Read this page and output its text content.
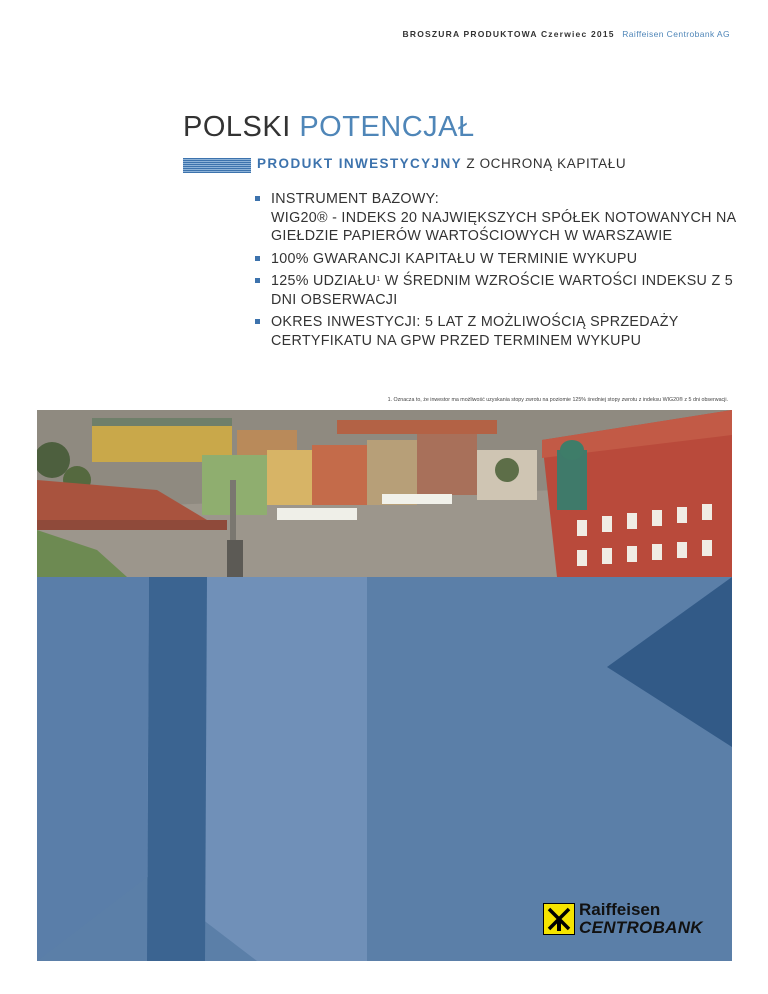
BROSZURA PRODUKTOWA Czerwiec 2015 Raiffeisen Centrobank AG
POLSKI POTENCJAŁ
PRODUKT INWESTYCYJNY Z OCHRONĄ KAPITAŁU
INSTRUMENT BAZOWY:
WIG20® - INDEKS 20 NAJWIĘKSZYCH SPÓŁEK NOTOWANYCH NA GIEŁDZIE PAPIERÓW WARTOŚCIOWYCH W WARSZAWIE
100% GWARANCJI KAPITAŁU W TERMINIE WYKUPU
125% UDZIAŁU$^1$ W ŚREDNIM WZROŚCIE WARTOŚCI INDEKSU Z 5 DNI OBSERWACJI
OKRES INWESTYCJI: 5 LAT Z MOŻLIWOŚCIĄ SPRZEDAŻY CERTYFIKATU NA GPW PRZED TERMINEM WYKUPU
1. Oznacza to, że inwestor ma możliwość uzyskania stopy zwrotu na poziomie 125% średniej stopy zwrotu z indeksu WIG20® z 5 dni obserwacji.
Raiffeisen
CENTROBANK
